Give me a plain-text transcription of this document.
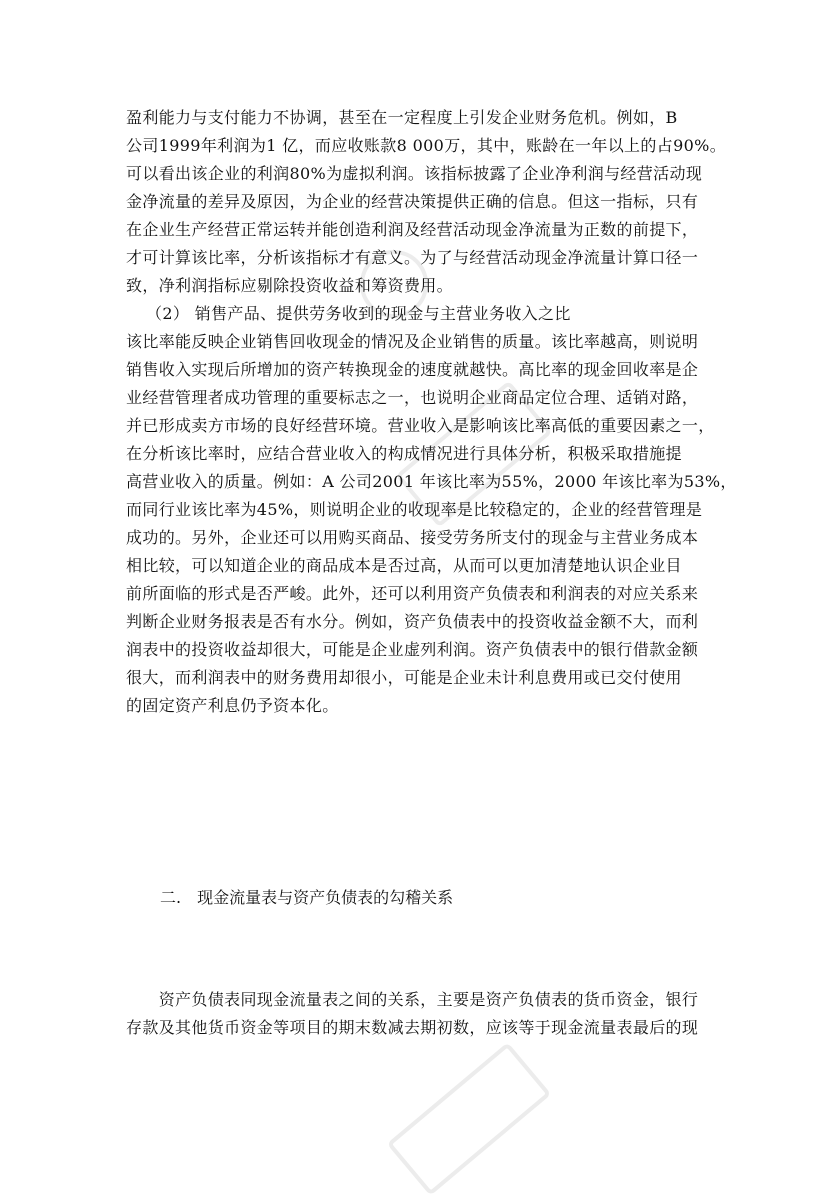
盈利能力与支付能力不协调，甚至在一定程度上引发企业财务危机。例如，B
公司1999年利润为1 亿，而应收账款8 000万，其中，账龄在一年以上的占90%。
可以看出该企业的利润80%为虚拟利润。该指标披露了企业净利润与经营活动现
金净流量的差异及原因，为企业的经营决策提供正确的信息。但这一指标，只有
在企业生产经营正常运转并能创造利润及经营活动现金净流量为正数的前提下，
才可计算该比率，分析该指标才有意义。为了与经营活动现金净流量计算口径一
致，净利润指标应剔除投资收益和筹资费用。
（2） 销售产品、提供劳务收到的现金与主营业务收入之比
该比率能反映企业销售回收现金的情况及企业销售的质量。该比率越高，则说明
销售收入实现后所增加的资产转换现金的速度就越快。高比率的现金回收率是企
业经营管理者成功管理的重要标志之一，也说明企业商品定位合理、适销对路，
并已形成卖方市场的良好经营环境。营业收入是影响该比率高低的重要因素之一，
在分析该比率时，应结合营业收入的构成情况进行具体分析，积极采取措施提
高营业收入的质量。例如：A 公司2001 年该比率为55%，2000 年该比率为53%，
而同行业该比率为45%，则说明企业的收现率是比较稳定的，企业的经营管理是
成功的。另外，企业还可以用购买商品、接受劳务所支付的现金与主营业务成本
相比较，可以知道企业的商品成本是否过高，从而可以更加清楚地认识企业目
前所面临的形式是否严峻。此外，还可以利用资产负债表和利润表的对应关系来
判断企业财务报表是否有水分。例如，资产负债表中的投资收益金额不大，而利
润表中的投资收益却很大，可能是企业虚列利润。资产负债表中的银行借款金额
很大，而利润表中的财务费用却很小，可能是企业未计利息费用或已交付使用
的固定资产利息仍予资本化。
二.　现金流量表与资产负债表的勾稽关系
　　资产负债表同现金流量表之间的关系，主要是资产负债表的货币资金，银行
存款及其他货币资金等项目的期末数减去期初数，应该等于现金流量表最后的现
